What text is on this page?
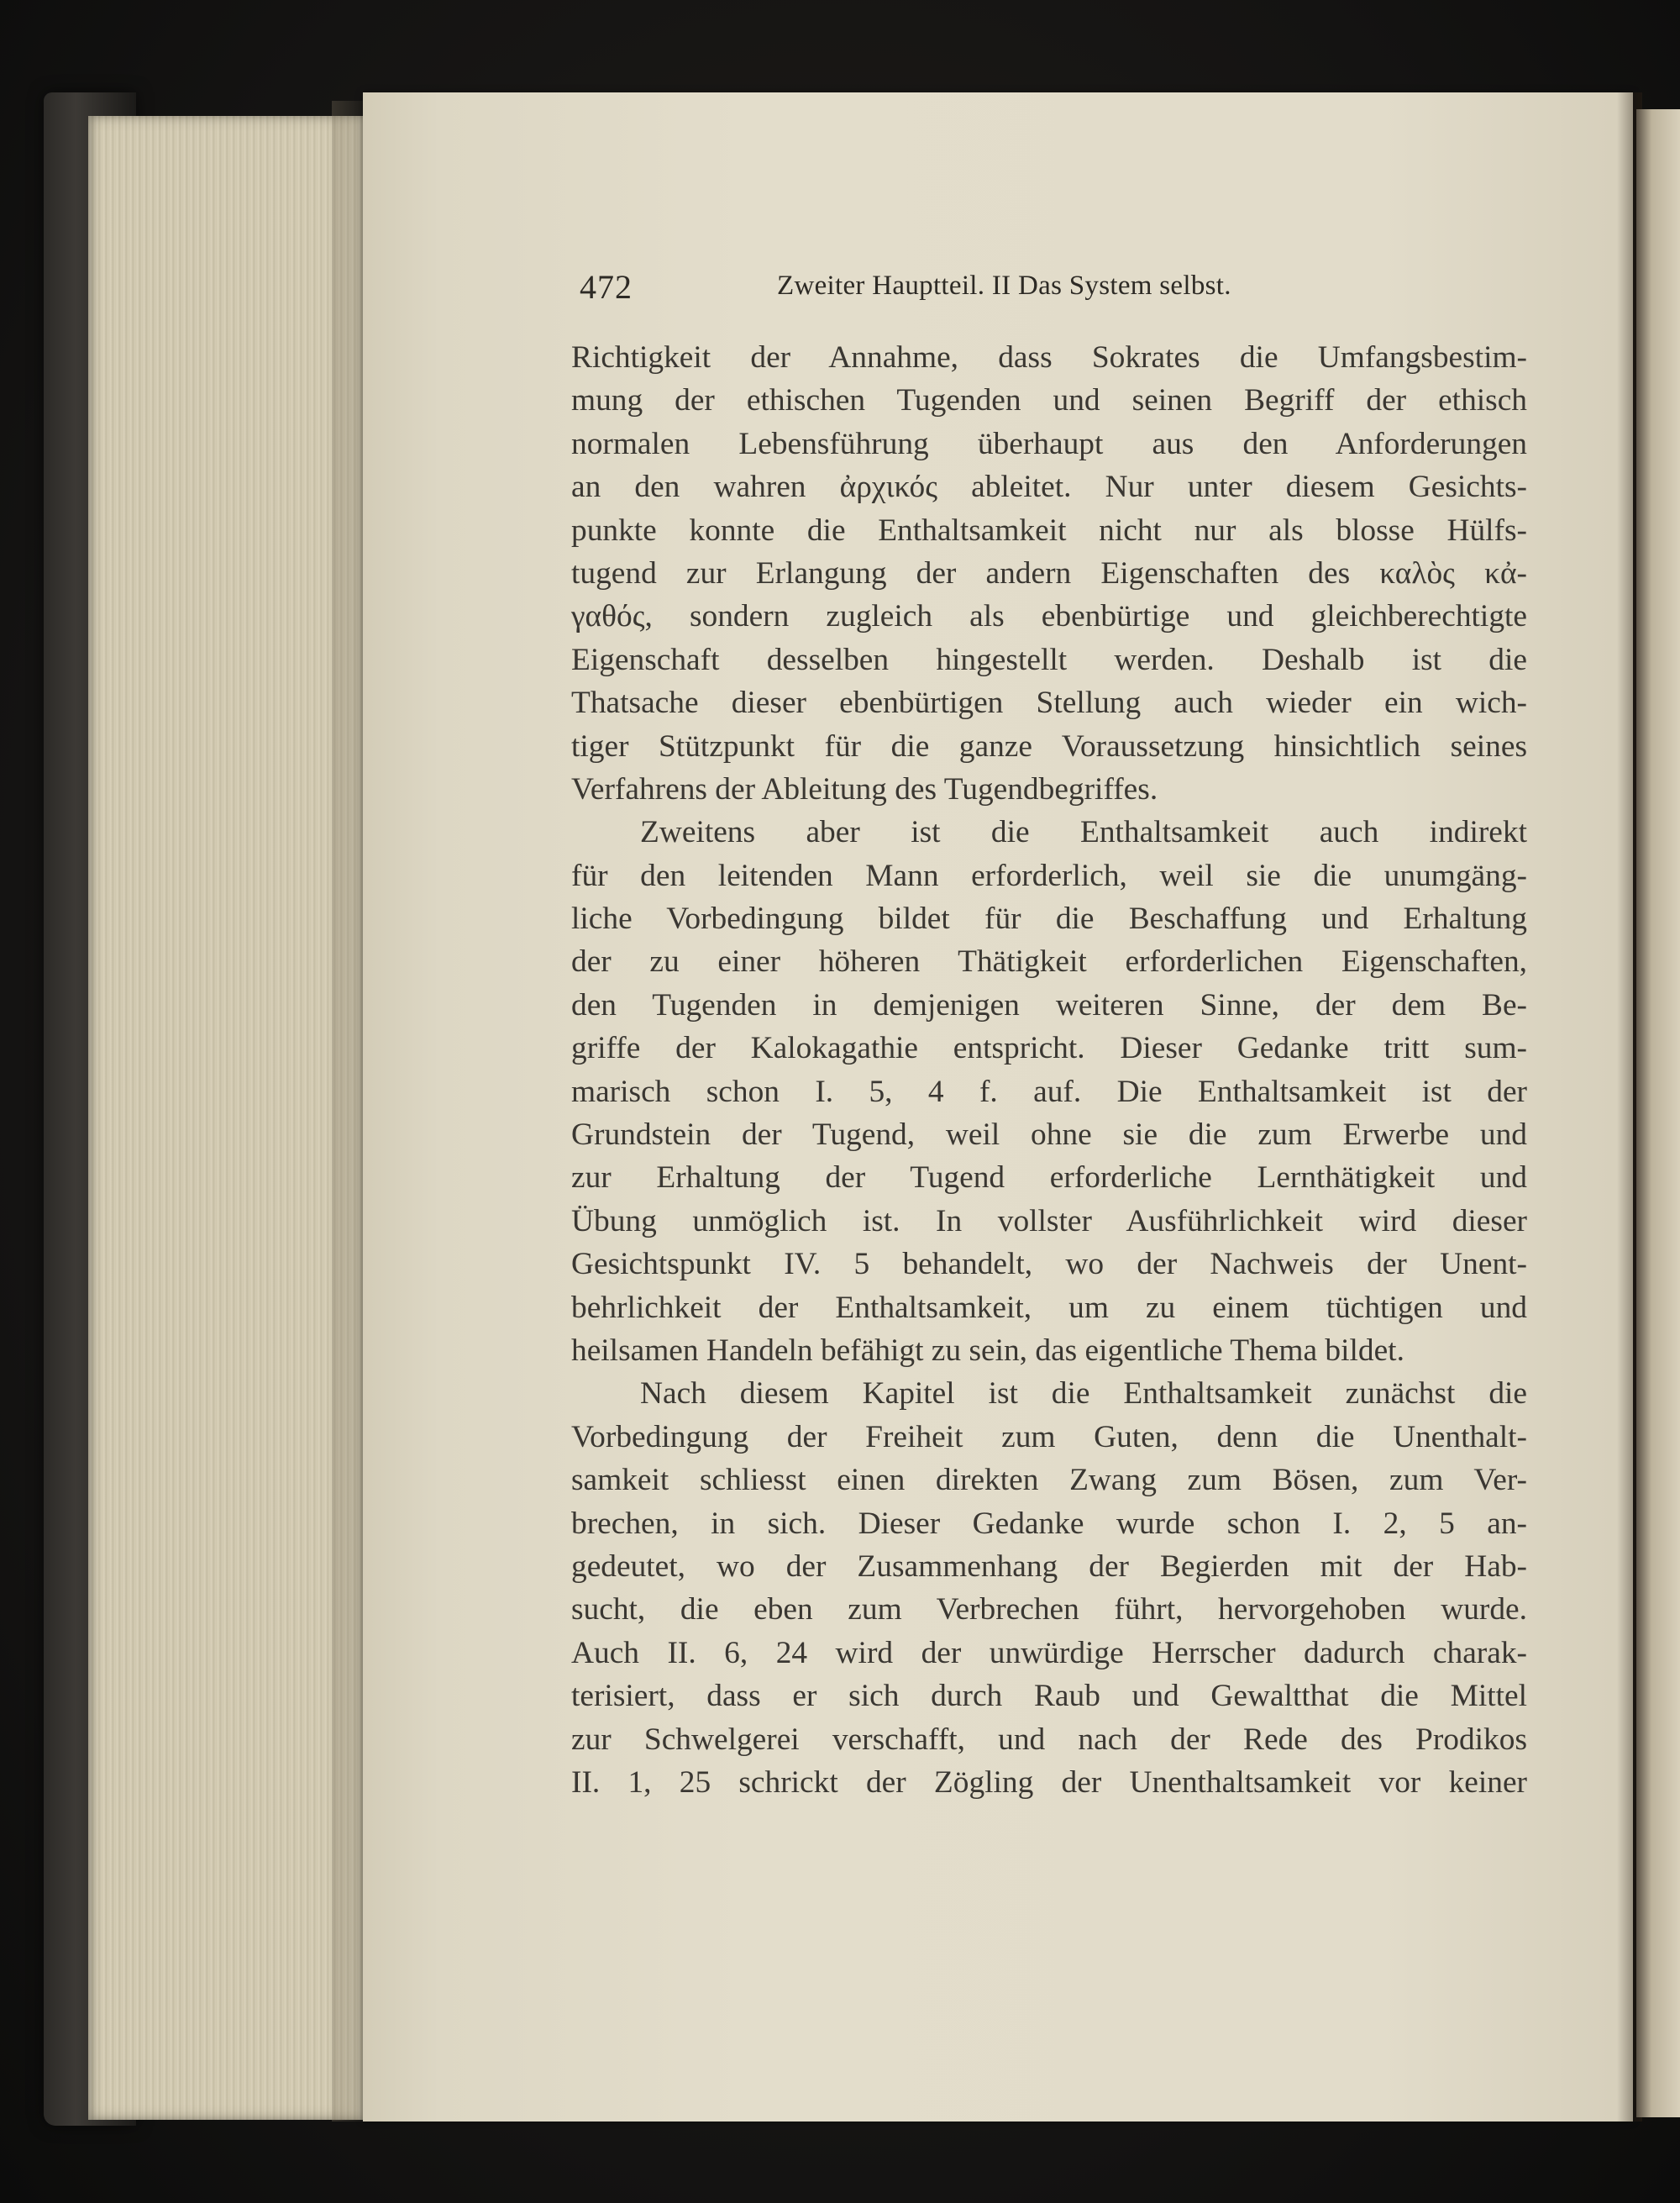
472	Zweiter Hauptteil. II Das System selbst.
Richtigkeit der Annahme, dass Sokrates die Umfangsbestim-
mung der ethischen Tugenden und seinen Begriff der ethisch
normalen Lebensführung überhaupt aus den Anforderungen
an den wahren ἀρχικός ableitet. Nur unter diesem Gesichts-
punkte konnte die Enthaltsamkeit nicht nur als blosse Hülfs-
tugend zur Erlangung der andern Eigenschaften des καλὸς κἀ-
γαθός, sondern zugleich als ebenbürtige und gleichberechtigte
Eigenschaft desselben hingestellt werden. Deshalb ist die
Thatsache dieser ebenbürtigen Stellung auch wieder ein wich-
tiger Stützpunkt für die ganze Voraussetzung hinsichtlich seines
Verfahrens der Ableitung des Tugendbegriffes.
Zweitens aber ist die Enthaltsamkeit auch indirekt
für den leitenden Mann erforderlich, weil sie die unumgäng-
liche Vorbedingung bildet für die Beschaffung und Erhaltung
der zu einer höheren Thätigkeit erforderlichen Eigenschaften,
den Tugenden in demjenigen weiteren Sinne, der dem Be-
griffe der Kalokagathie entspricht. Dieser Gedanke tritt sum-
marisch schon I. 5, 4 f. auf. Die Enthaltsamkeit ist der
Grundstein der Tugend, weil ohne sie die zum Erwerbe und
zur Erhaltung der Tugend erforderliche Lernthätigkeit und
Übung unmöglich ist. In vollster Ausführlichkeit wird dieser
Gesichtspunkt IV. 5 behandelt, wo der Nachweis der Unent-
behrlichkeit der Enthaltsamkeit, um zu einem tüchtigen und
heilsamen Handeln befähigt zu sein, das eigentliche Thema bildet.
Nach diesem Kapitel ist die Enthaltsamkeit zunächst die
Vorbedingung der Freiheit zum Guten, denn die Unenthalt-
samkeit schliesst einen direkten Zwang zum Bösen, zum Ver-
brechen, in sich. Dieser Gedanke wurde schon I. 2, 5 an-
gedeutet, wo der Zusammenhang der Begierden mit der Hab-
sucht, die eben zum Verbrechen führt, hervorgehoben wurde.
Auch II. 6, 24 wird der unwürdige Herrscher dadurch charak-
terisiert, dass er sich durch Raub und Gewaltthat die Mittel
zur Schwelgerei verschafft, und nach der Rede des Prodikos
II. 1, 25 schrickt der Zögling der Unenthaltsamkeit vor keiner
